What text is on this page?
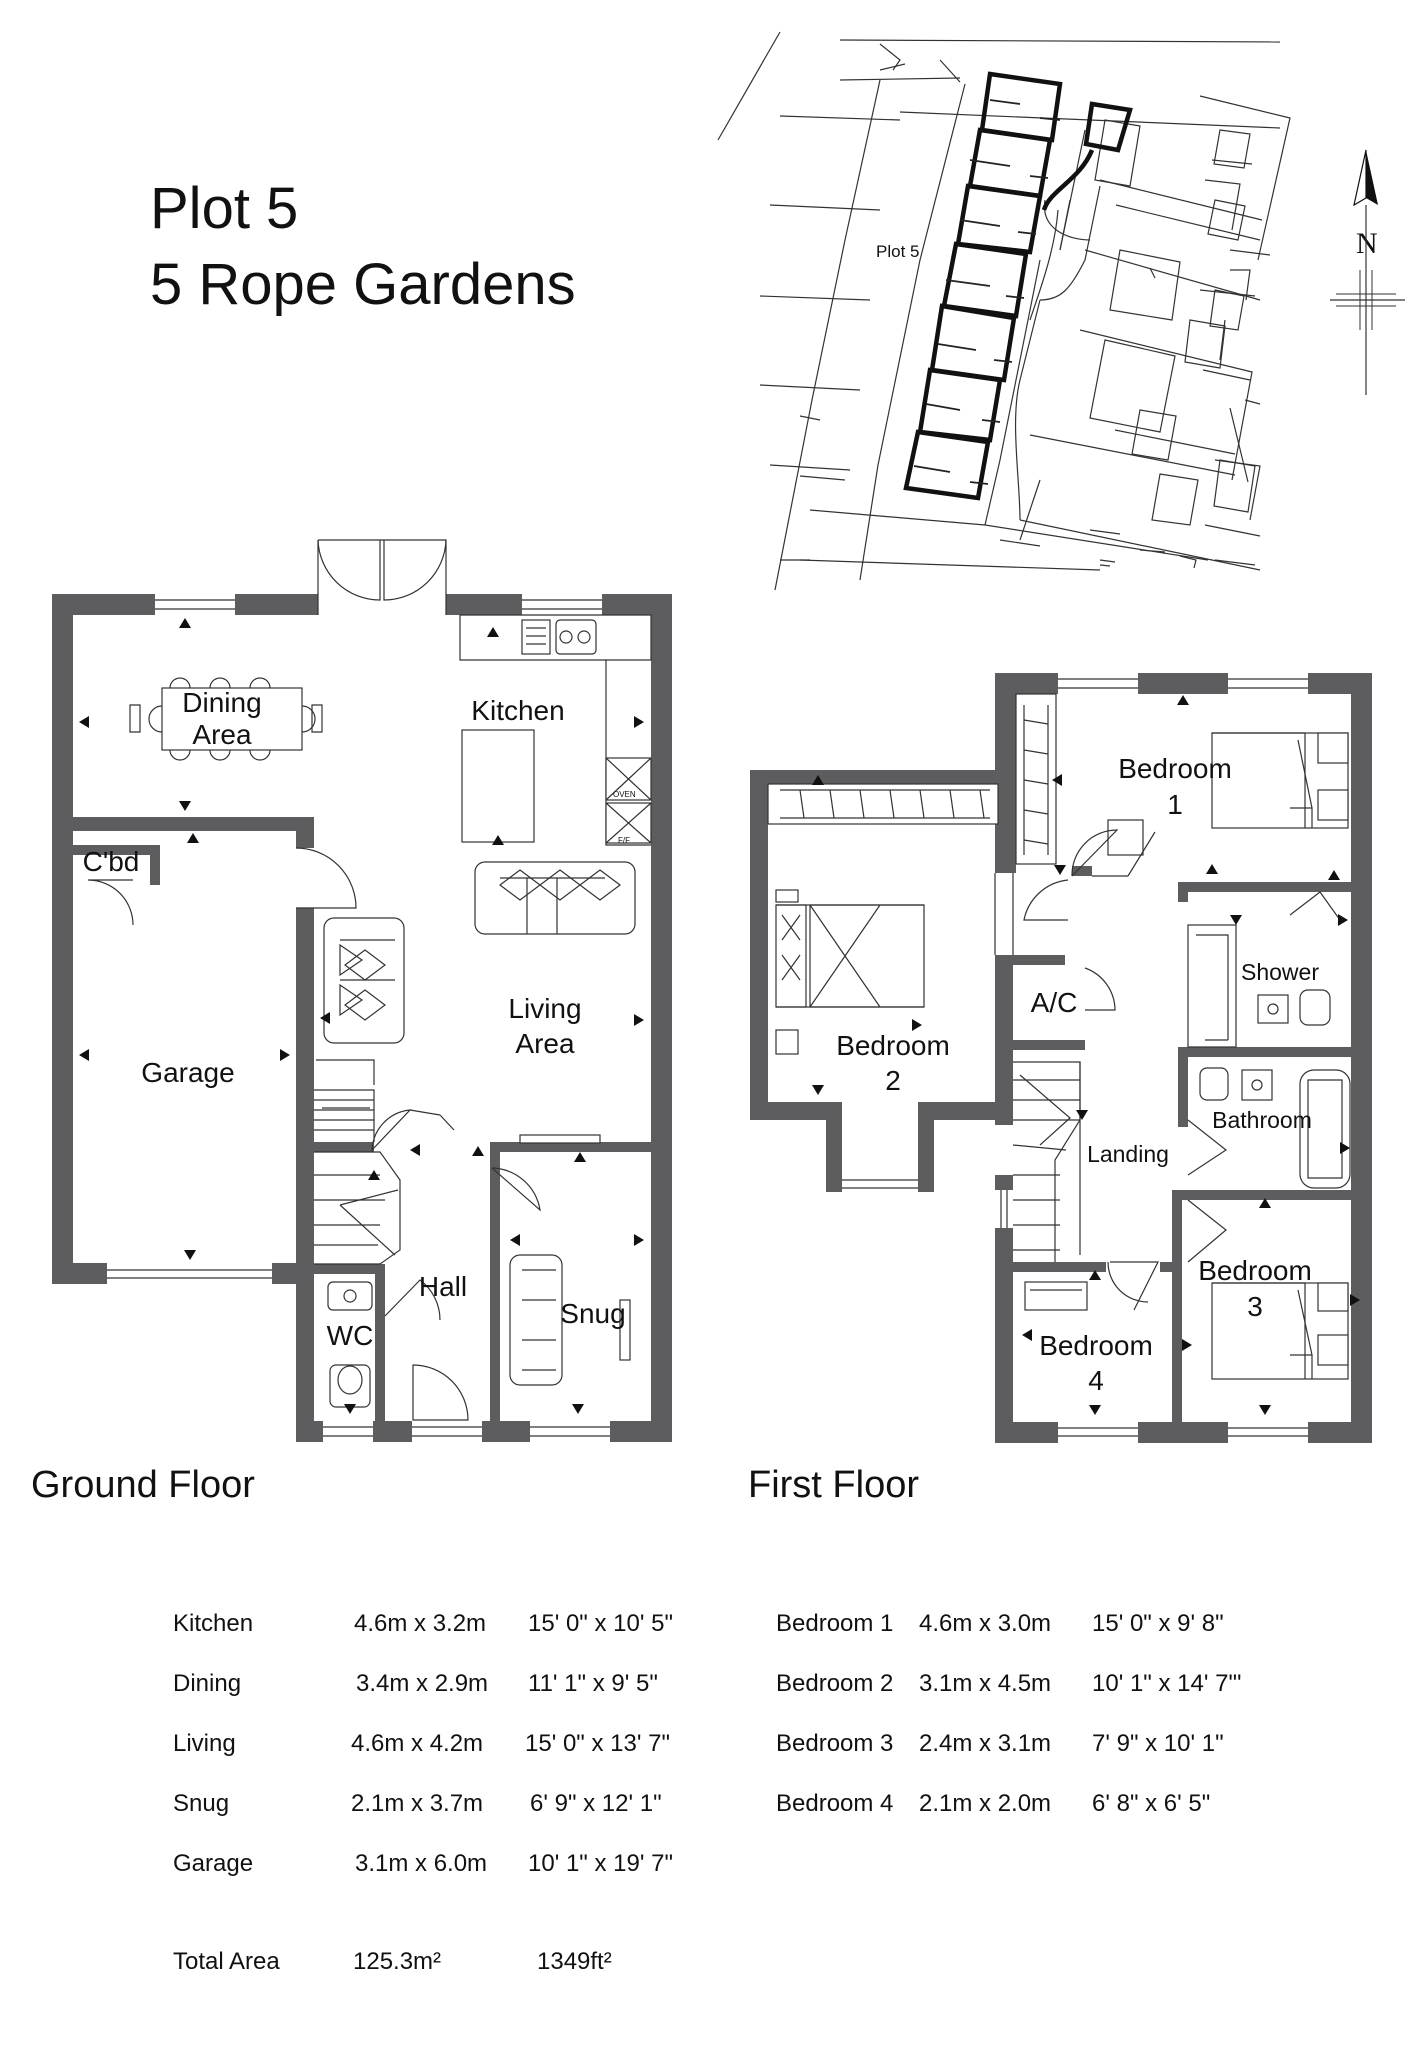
Plot 5
5 Rope Gardens
Plot 5	N
OVEN
F/F
Dining
Area
Kitchen
C'bd
Garage
Living
Area
Hall
WC
Snug
Bedroom
1
Bedroom
2
Shower
A/C
Bathroom
Landing
Bedroom
3
Bedroom
4
Ground Floor	First Floor
Kitchen	4.6m x 3.2m 15' 0" x 10' 5"
Dining	3.4m x 2.9m 11' 1" x 9' 5"
Living	4.6m x 4.2m 15' 0" x 13' 7"
Snug	2.1m x 3.7m 6' 9" x 12' 1"
Garage	3.1m x 6.0m 10' 1" x 19' 7"
Bedroom 1 4.6m x 3.0m 15' 0" x 9' 8"
Bedroom 2 3.1m x 4.5m 10' 1" x 14' 7"'
Bedroom 3 2.4m x 3.1m 7' 9" x 10' 1"
Bedroom 4 2.1m x 2.0m 6' 8" x 6' 5"
Total Area	125.3m²	1349ft²
